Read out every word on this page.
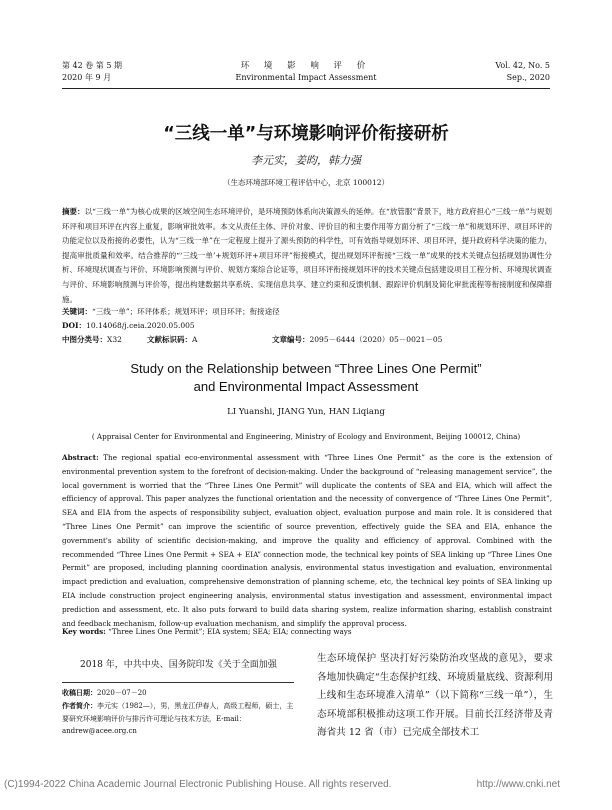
第 42 卷 第 5 期
2020 年 9 月
环 境 影 响 评 价
Environmental Impact Assessment
Vol. 42, No. 5
Sep., 2020
“三线一单”与环境影响评价衔接研析
李元实，姜昀，韩力强
（生态环境部环境工程评估中心，北京 100012）
摘要：以“三线一单”为核心成果的区域空间生态环境评价，是环境预防体系向决策源头的延伸。在“放管服”背景下，地方政府担心“三线一单”与规划环评和项目环评在内容上重复，影响审批效率。本文从责任主体、评价对象、评价目的和主要作用等方面分析了“三线一单”和规划环评、项目环评的功能定位以及衔接的必要性，认为“三线一单”在一定程度上提升了源头预防的科学性，可有效指导规划环评、项目环评，提升政府科学决策的能力，提高审批质量和效率。结合推荐的“‘三线一单’+规划环评+项目环评”衔接模式，提出规划环评衔接“三线一单”成果的技术关键点包括规划协调性分析、环境现状调查与评价、环境影响预测与评价、规划方案综合论证等，项目环评衔接规划环评的技术关键点包括建设项目工程分析、环境现状调查与评价、环境影响预测与评价等，提出构建数据共享系统、实现信息共享、建立约束和反馈机制、跟踪评价机制及简化审批流程等衔接制度和保障措施。
关键词：“三线一单”；环评体系；规划环评；项目环评；衔接途径
DOI：10.14068/j.ceia.2020.05.005
中图分类号：X32	文献标识码：A	文章编号：2095－6444（2020）05－0021－05
Study on the Relationship between “Three Lines One Permit”
and Environmental Impact Assessment
LI Yuanshi, JIANG Yun, HAN Liqiang
( Appraisal Center for Environmental and Engineering, Ministry of Ecology and Environment, Beijing 100012, China)
Abstract: The regional spatial eco-environmental assessment with “Three Lines One Permit” as the core is the extension of environmental prevention system to the forefront of decision-making. Under the background of “releasing management service”, the local government is worried that the “Three Lines One Permit” will duplicate the contents of SEA and EIA, which will affect the efficiency of approval. This paper analyzes the functional orientation and the necessity of convergence of “Three Lines One Permit”, SEA and EIA from the aspects of responsibility subject, evaluation object, evaluation purpose and main role. It is considered that “Three Lines One Permit” can improve the scientific of source prevention, effectively guide the SEA and EIA, enhance the government's ability of scientific decision-making, and improve the quality and efficiency of approval. Combined with the recommended “Three Lines One Permit + SEA + EIA” connection mode, the technical key points of SEA linking up “Three Lines One Permit” are proposed, including planning coordination analysis, environmental status investigation and evaluation, environmental impact prediction and evaluation, comprehensive demonstration of planning scheme, etc, the technical key points of SEA linking up EIA include construction project engineering analysis, environmental status investigation and assessment, environmental impact prediction and assessment, etc. It also puts forward to build data sharing system, realize information sharing, establish constraint and feedback mechanism, follow-up evaluation mechanism, and simplify the approval process.
Key words: “Three Lines One Permit”; EIA system; SEA; EIA; connecting ways
2018 年，中共中央、国务院印发《关于全面加强
收稿日期：2020－07－20
作者简介：李元实（1982—），男，黑龙江伊春人，高级工程师，硕士，主要研究环境影响评价与排污许可理论与技术方法，E-mail：andrew@acee.org.cn
生态环境保护 坚决打好污染防治攻坚战的意见》，要求各地加快确定“生态保护红线、环境质量底线、资源利用上线和生态环境准入清单”（以下简称“三线一单”），生态环境部积极推动这项工作开展。目前长江经济带及青海省共 12 省（市）已完成全部技术工
(C)1994-2022 China Academic Journal Electronic Publishing House. All rights reserved.	http://www.cnki.net
